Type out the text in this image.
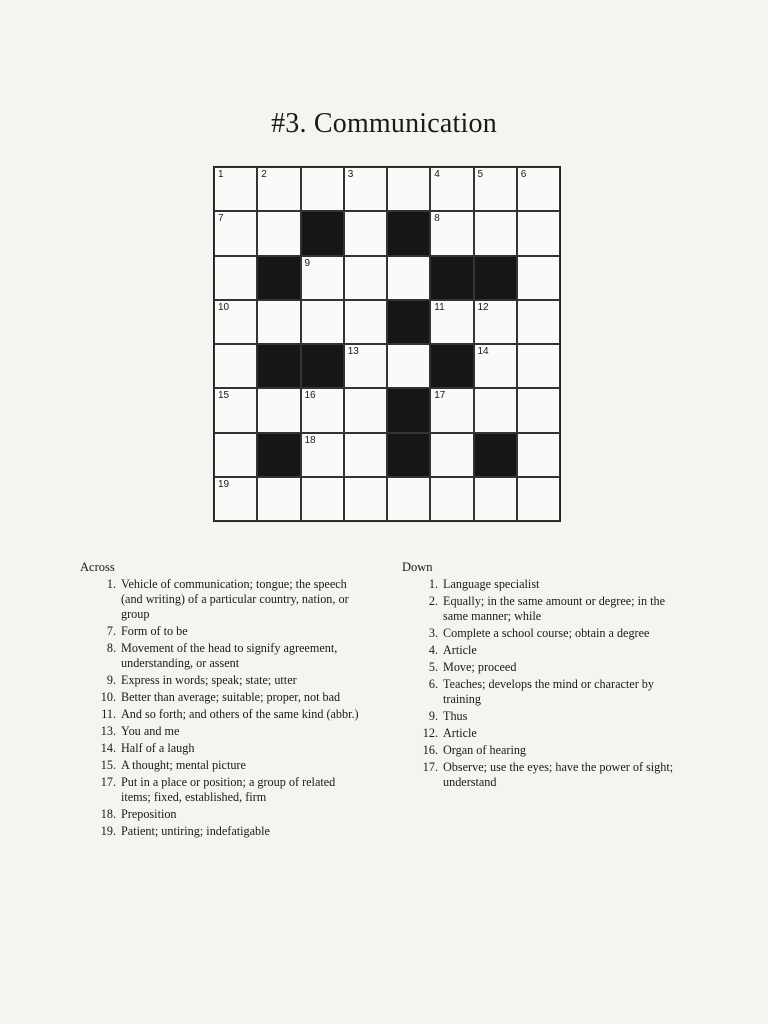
#3. Communication
1	2	3	4	5	6
7	8
9
10	11	12
13	14
15	16	17
18
19
Across
1. Vehicle of communication; tongue; the speech (and writing) of a particular country, nation, or group
7. Form of to be
8. Movement of the head to signify agreement, understanding, or assent
9. Express in words; speak; state; utter
10. Better than average; suitable; proper, not bad
11. And so forth; and others of the same kind (abbr.)
13. You and me
14. Half of a laugh
15. A thought; mental picture
17. Put in a place or position; a group of related items; fixed, established, firm
18. Preposition
19. Patient; untiring; indefatigable
Down
1. Language specialist
2. Equally; in the same amount or degree; in the same manner; while
3. Complete a school course; obtain a degree
4. Article
5. Move; proceed
6. Teaches; develops the mind or character by training
9. Thus
12. Article
16. Organ of hearing
17. Observe; use the eyes; have the power of sight; understand
